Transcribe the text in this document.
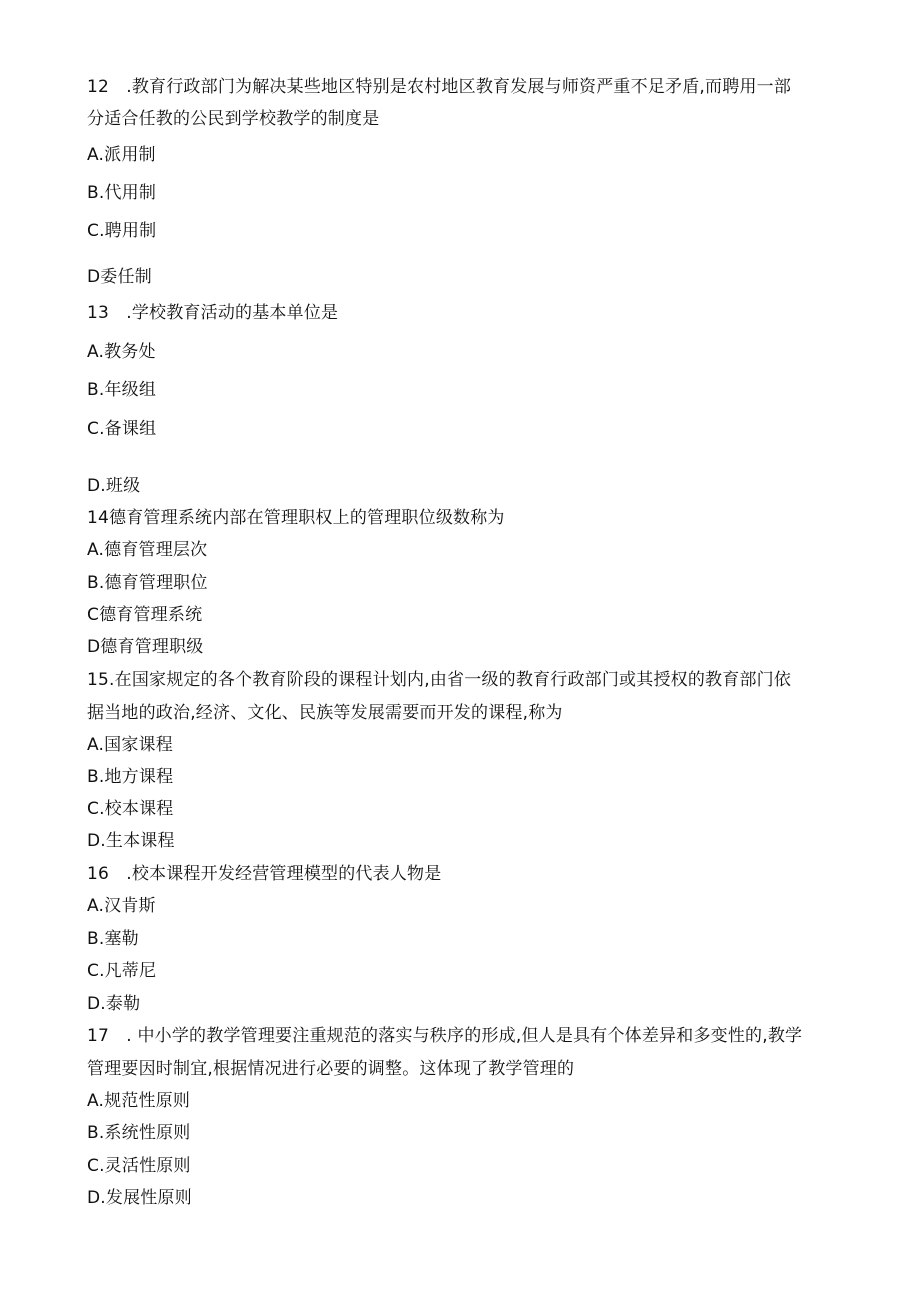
12　.教育行政部门为解决某些地区特别是农村地区教育发展与师资严重不足矛盾,而聘用一部
分适合任教的公民到学校教学的制度是
A.派用制
B.代用制
C.聘用制
D委任制
13　.学校教育活动的基本单位是
A.教务处
B.年级组
C.备课组
D.班级
14德育管理系统内部在管理职权上的管理职位级数称为
A.德育管理层次
B.德育管理职位
C德育管理系统
D德育管理职级
15.在国家规定的各个教育阶段的课程计划内,由省一级的教育行政部门或其授权的教育部门依
据当地的政治,经济、文化、民族等发展需要而开发的课程,称为
A.国家课程
B.地方课程
C.校本课程
D.生本课程
16　.校本课程开发经营管理模型的代表人物是
A.汉肯斯
B.塞勒
C.凡蒂尼
D.泰勒
17　. 中小学的教学管理要注重规范的落实与秩序的形成,但人是具有个体差异和多变性的,教学
管理要因时制宜,根据情况进行必要的调整。这体现了教学管理的
A.规范性原则
B.系统性原则
C.灵活性原则
D.发展性原则
